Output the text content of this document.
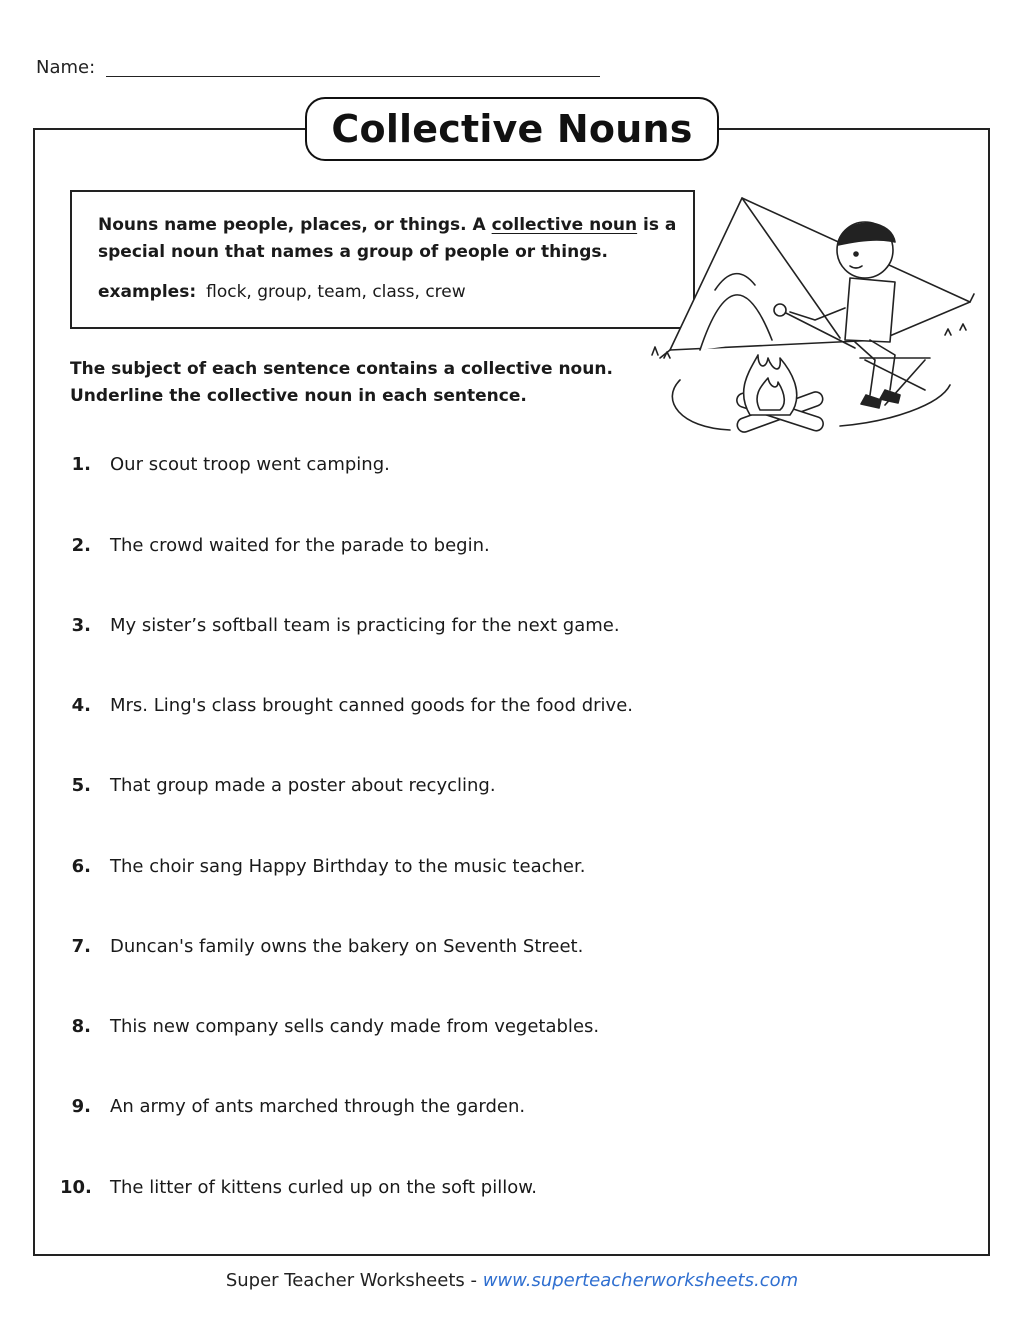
Name:
Collective Nouns
Nouns name people, places, or things. A collective noun is a special noun that names a group of people or things.
examples: flock, group, team, class, crew
The subject of each sentence contains a collective noun.
Underline the collective noun in each sentence.
1. Our scout troop went camping.
2. The crowd waited for the parade to begin.
3. My sister’s softball team is practicing for the next game.
4. Mrs. Ling's class brought canned goods for the food drive.
5. That group made a poster about recycling.
6. The choir sang Happy Birthday to the music teacher.
7. Duncan's family owns the bakery on Seventh Street.
8. This new company sells candy made from vegetables.
9. An army of ants marched through the garden.
10. The litter of kittens curled up on the soft pillow.
Super Teacher Worksheets - www.superteacherworksheets.com
